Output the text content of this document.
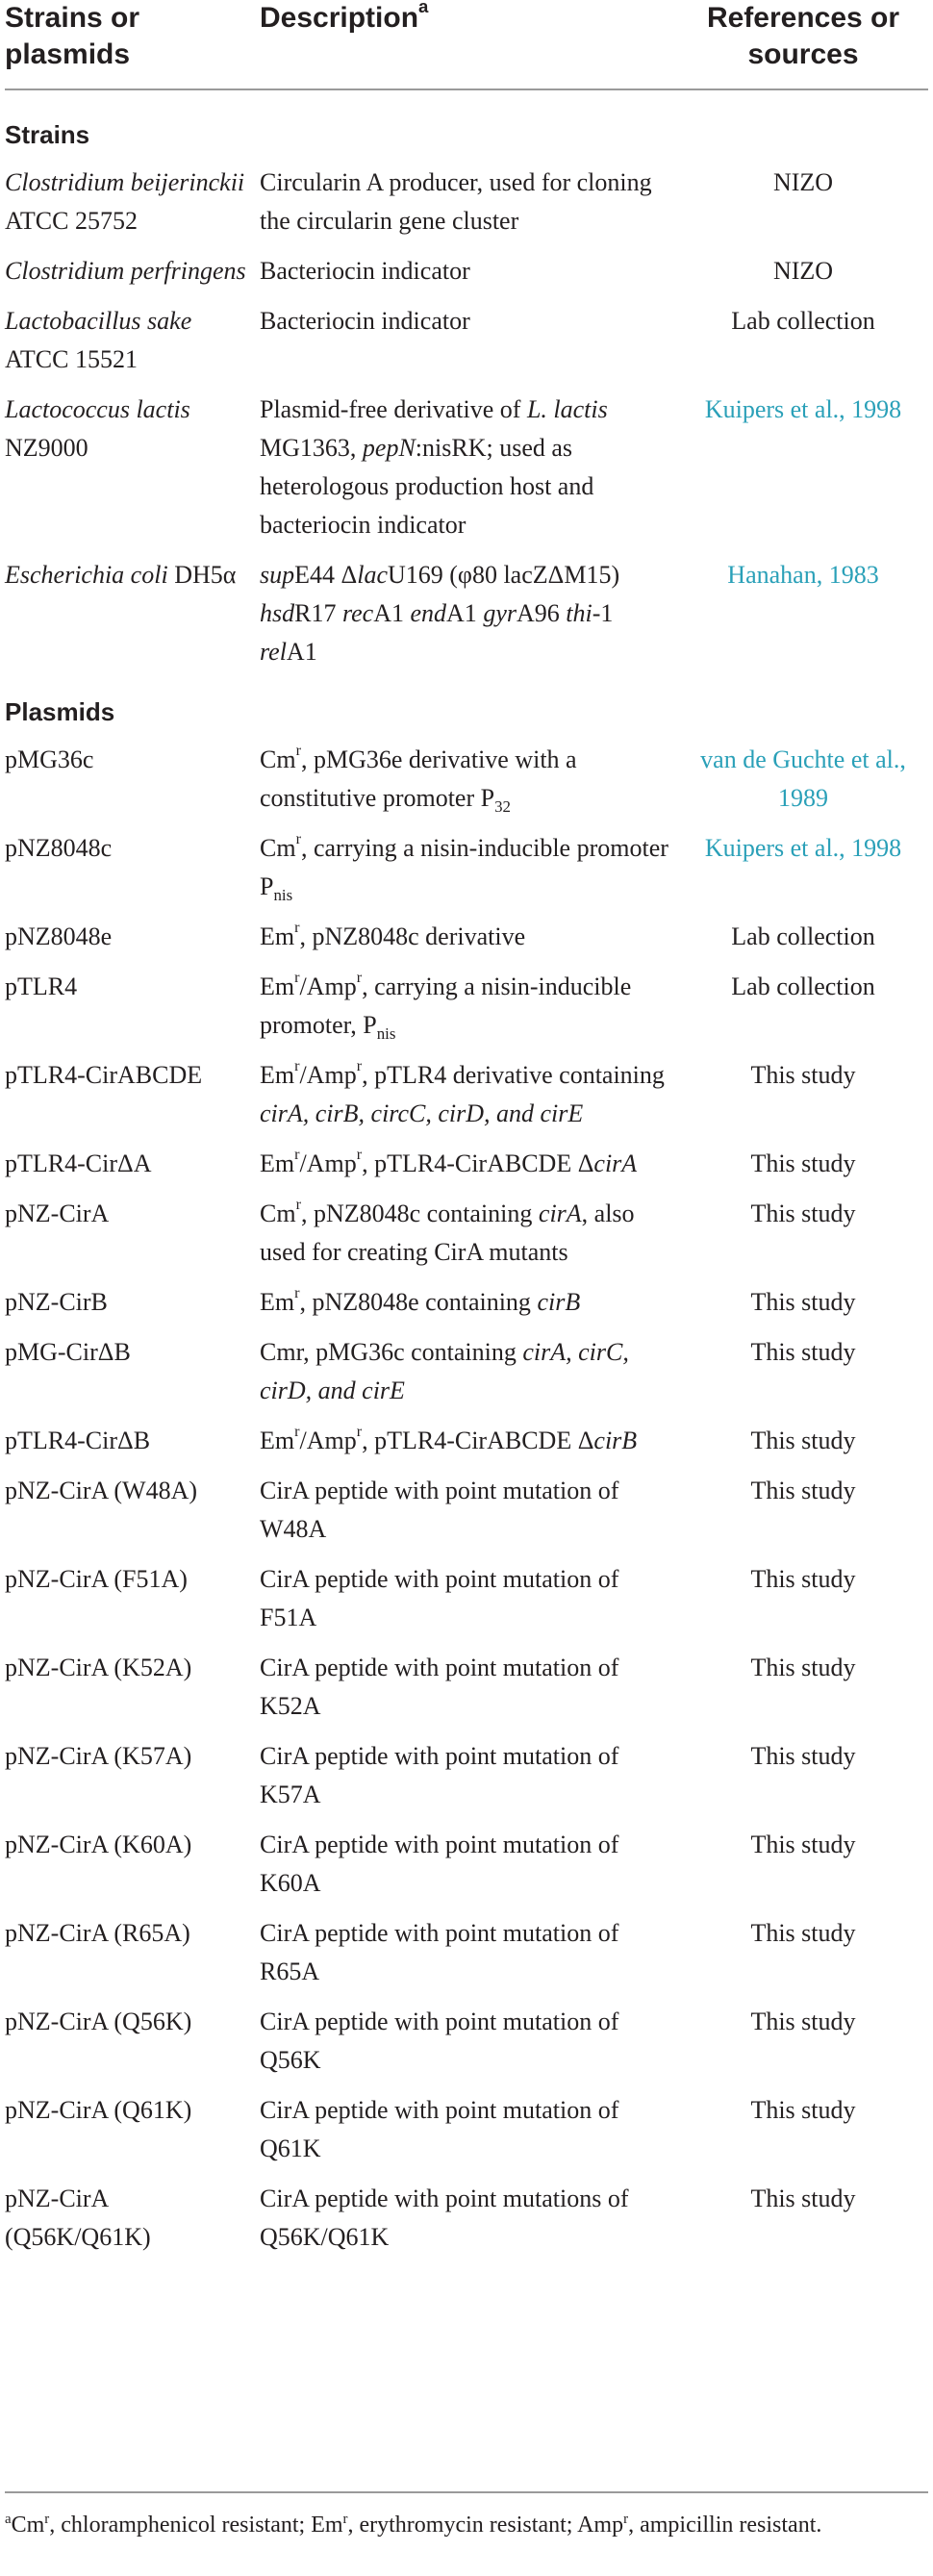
Strains or plasmids	Description$^a$	References or sources
Strains		
Clostridium beijerinckii ATCC 25752	Circularin A producer, used for cloning the circularin gene cluster	NIZO
Clostridium perfringens	Bacteriocin indicator	NIZO
Lactobacillus sake ATCC 15521	Bacteriocin indicator	Lab collection
Lactococcus lactis NZ9000	Plasmid-free derivative of L. lactis MG1363, pepN:nisRK; used as heterologous production host and bacteriocin indicator	Kuipers et al., 1998
Escherichia coli DH5α	supE44 ΔlacU169 (φ80 lacZΔM15) hsdR17 recA1 endA1 gyrA96 thi-1 relA1	Hanahan, 1983
Plasmids		
pMG36c	Cm$^r$, pMG36e derivative with a constitutive promoter $P_{32}$	van de Guchte et al., 1989
pNZ8048c	Cm$^r$, carrying a nisin-inducible promoter $P_{nis}$	Kuipers et al., 1998
pNZ8048e	Em$^r$, pNZ8048c derivative	Lab collection
pTLR4	Em$^r$/Amp$^r$, carrying a nisin-inducible promoter, $P_{nis}$	Lab collection
pTLR4-CirABCDE	Em$^r$/Amp$^r$, pTLR4 derivative containing cirA, cirB, circC, cirD, and cirE	This study
pTLR4-CirΔA	Em$^r$/Amp$^r$, pTLR4-CirABCDE ΔcirA	This study
pNZ-CirA	Cm$^r$, pNZ8048c containing cirA, also used for creating CirA mutants	This study
pNZ-CirB	Em$^r$, pNZ8048e containing cirB	This study
pMG-CirΔB	Cmr, pMG36c containing cirA, cirC, cirD, and cirE	This study
pTLR4-CirΔB	Em$^r$/Amp$^r$, pTLR4-CirABCDE ΔcirB	This study
pNZ-CirA (W48A)	CirA peptide with point mutation of W48A	This study
pNZ-CirA (F51A)	CirA peptide with point mutation of F51A	This study
pNZ-CirA (K52A)	CirA peptide with point mutation of K52A	This study
pNZ-CirA (K57A)	CirA peptide with point mutation of K57A	This study
pNZ-CirA (K60A)	CirA peptide with point mutation of K60A	This study
pNZ-CirA (R65A)	CirA peptide with point mutation of R65A	This study
pNZ-CirA (Q56K)	CirA peptide with point mutation of Q56K	This study
pNZ-CirA (Q61K)	CirA peptide with point mutation of Q61K	This study
pNZ-CirA (Q56K/Q61K)	CirA peptide with point mutations of Q56K/Q61K	This study
$^a$Cm$^r$, chloramphenicol resistant; Em$^r$, erythromycin resistant; Amp$^r$, ampicillin resistant.
